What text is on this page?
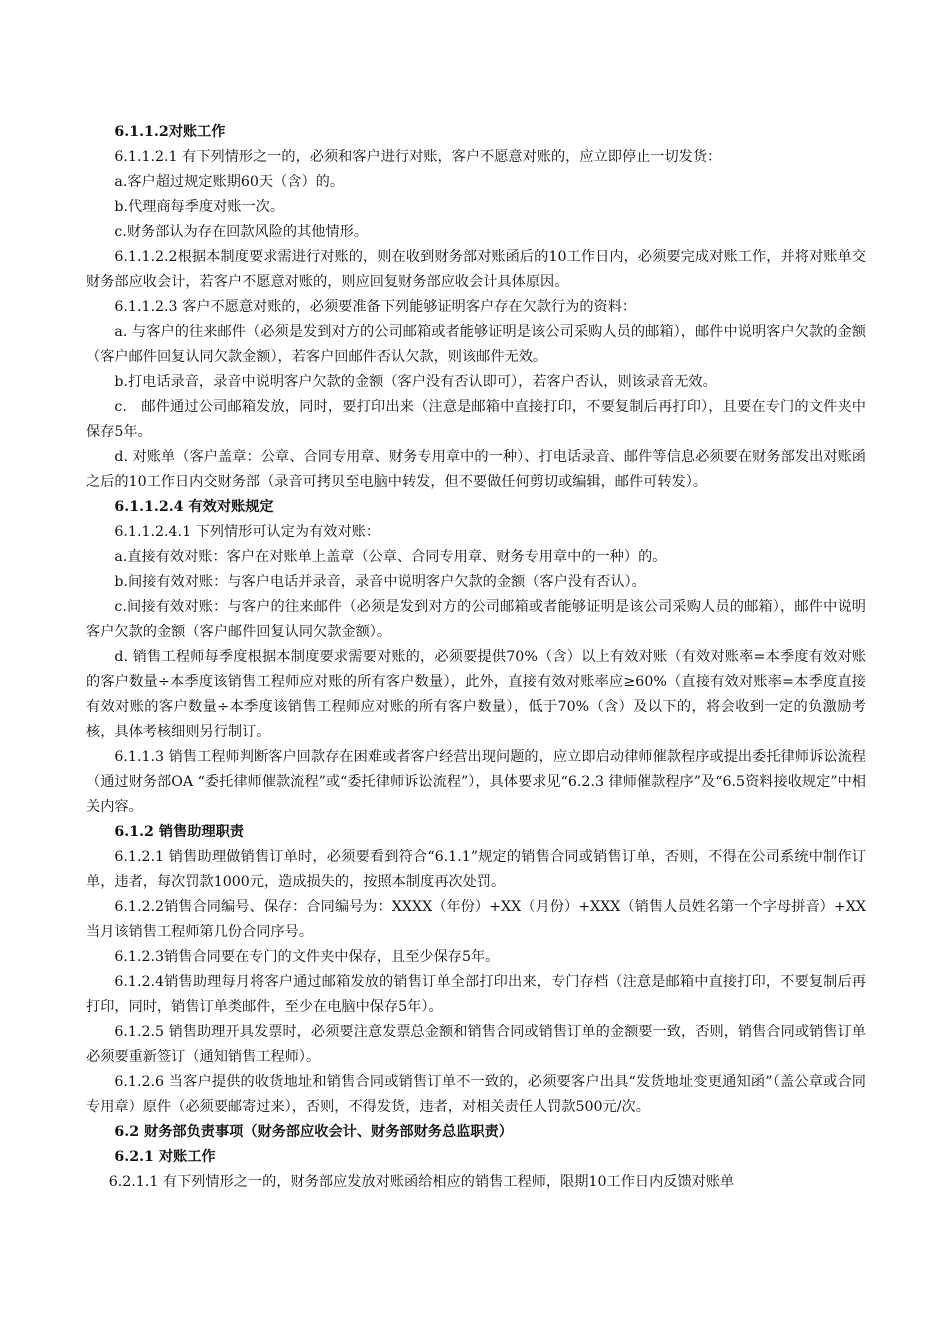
6.1.1.2对账工作

6.1.1.2.1 有下列情形之一的，必须和客户进行对账，客户不愿意对账的，应立即停止一切发货：

a.客户超过规定账期60天（含）的。

b.代理商每季度对账一次。

c.财务部认为存在回款风险的其他情形。

6.1.1.2.2根据本制度要求需进行对账的，则在收到财务部对账函后的10工作日内，必须要完成对账工作，并将对账单交财务部应收会计，若客户不愿意对账的，则应回复财务部应收会计具体原因。

6.1.1.2.3 客户不愿意对账的，必须要准备下列能够证明客户存在欠款行为的资料：

a. 与客户的往来邮件（必须是发到对方的公司邮箱或者能够证明是该公司采购人员的邮箱），邮件中说明客户欠款的金额（客户邮件回复认同欠款金额），若客户回邮件否认欠款，则该邮件无效。

b.打电话录音，录音中说明客户欠款的金额（客户没有否认即可），若客户否认，则该录音无效。

c.　邮件通过公司邮箱发放，同时，要打印出来（注意是邮箱中直接打印，不要复制后再打印），且要在专门的文件夹中保存5年。

d. 对账单（客户盖章：公章、合同专用章、财务专用章中的一种）、打电话录音、邮件等信息必须要在财务部发出对账函之后的10工作日内交财务部（录音可拷贝至电脑中转发，但不要做任何剪切或编辑，邮件可转发）。

6.1.1.2.4 有效对账规定

6.1.1.2.4.1 下列情形可认定为有效对账：

a.直接有效对账：客户在对账单上盖章（公章、合同专用章、财务专用章中的一种）的。

b.间接有效对账：与客户电话并录音，录音中说明客户欠款的金额（客户没有否认）。

c.间接有效对账：与客户的往来邮件（必须是发到对方的公司邮箱或者能够证明是该公司采购人员的邮箱），邮件中说明客户欠款的金额（客户邮件回复认同欠款金额）。

d. 销售工程师每季度根据本制度要求需要对账的，必须要提供70%（含）以上有效对账（有效对账率=本季度有效对账的客户数量÷本季度该销售工程师应对账的所有客户数量），此外，直接有效对账率应≥60%（直接有效对账率=本季度直接有效对账的客户数量÷本季度该销售工程师应对账的所有客户数量），低于70%（含）及以下的，将会收到一定的负激励考核，具体考核细则另行制订。

6.1.1.3 销售工程师判断客户回款存在困难或者客户经营出现问题的，应立即启动律师催款程序或提出委托律师诉讼流程（通过财务部OA “委托律师催款流程”或“委托律师诉讼流程”），具体要求见“6.2.3 律师催款程序”及“6.5资料接收规定”中相关内容。

6.1.2 销售助理职责

6.1.2.1 销售助理做销售订单时，必须要看到符合“6.1.1”规定的销售合同或销售订单，否则，不得在公司系统中制作订单，违者，每次罚款1000元，造成损失的，按照本制度再次处罚。

6.1.2.2销售合同编号、保存：合同编号为：XXXX（年份）+XX（月份）+XXX（销售人员姓名第一个字母拼音）+XX当月该销售工程师第几份合同序号。

6.1.2.3销售合同要在专门的文件夹中保存，且至少保存5年。

6.1.2.4销售助理每月将客户通过邮箱发放的销售订单全部打印出来，专门存档（注意是邮箱中直接打印，不要复制后再打印，同时，销售订单类邮件，至少在电脑中保存5年）。

6.1.2.5 销售助理开具发票时，必须要注意发票总金额和销售合同或销售订单的金额要一致，否则，销售合同或销售订单必须要重新签订（通知销售工程师）。

6.1.2.6 当客户提供的收货地址和销售合同或销售订单不一致的，必须要客户出具“发货地址变更通知函”（盖公章或合同专用章）原件（必须要邮寄过来），否则，不得发货，违者，对相关责任人罚款500元/次。

6.2 财务部负责事项（财务部应收会计、财务部财务总监职责）

6.2.1 对账工作

6.2.1.1 有下列情形之一的，财务部应发放对账函给相应的销售工程师，限期10工作日内反馈对账单
